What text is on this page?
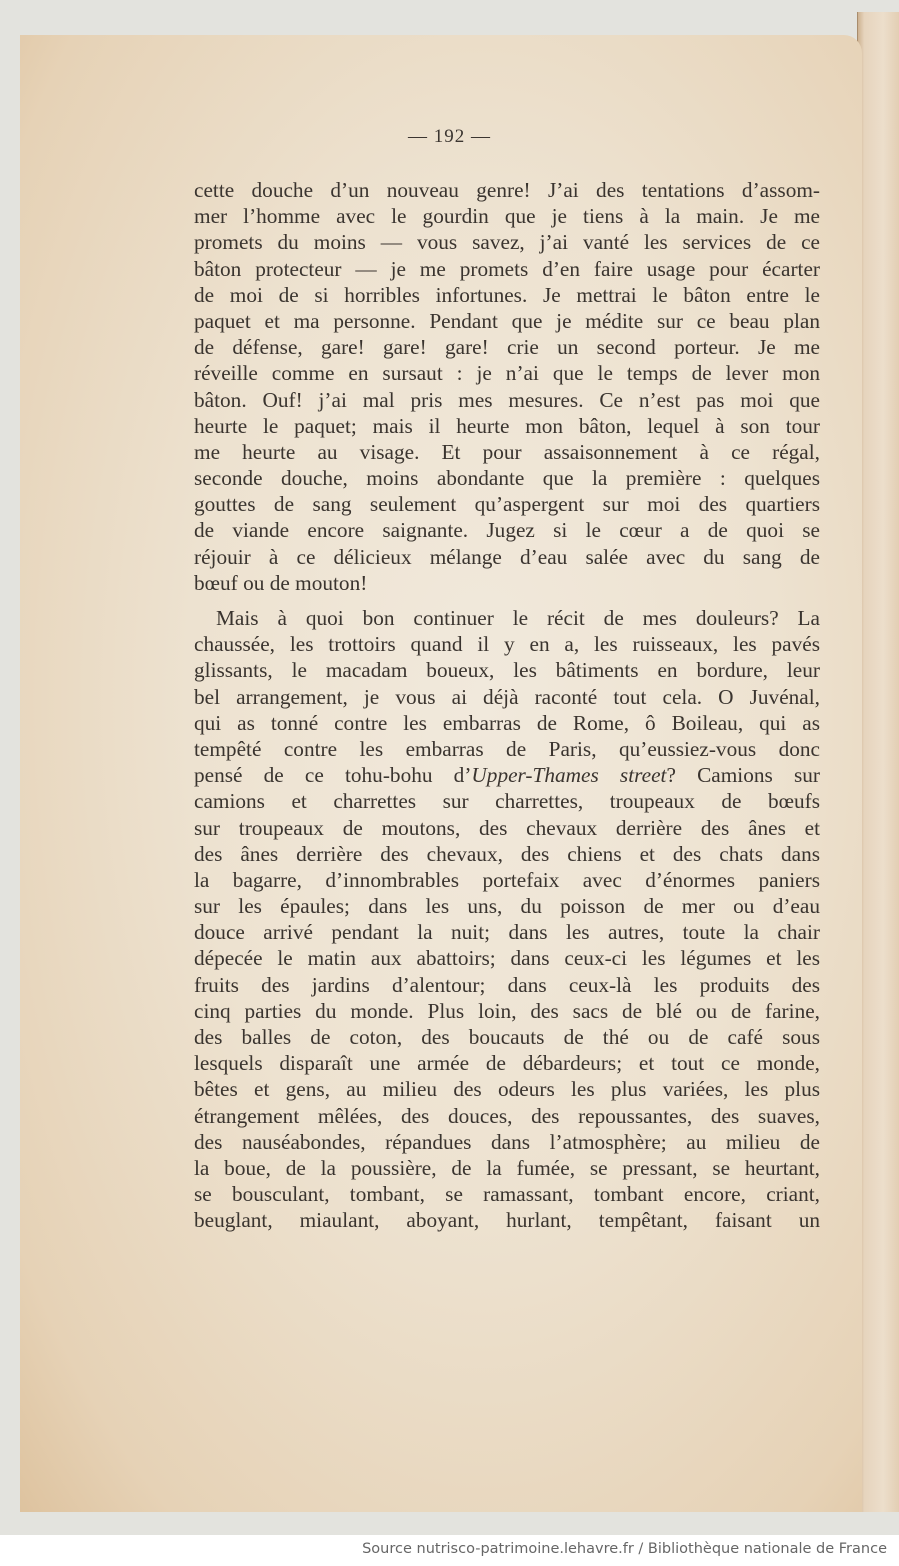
— 192 —
cette douche d’un nouveau genre! J’ai des tentations d’assom-
mer l’homme avec le gourdin que je tiens à la main. Je me
promets du moins — vous savez, j’ai vanté les services de ce
bâton protecteur — je me promets d’en faire usage pour écarter
de moi de si horribles infortunes. Je mettrai le bâton entre le
paquet et ma personne. Pendant que je médite sur ce beau plan
de défense, gare! gare! gare! crie un second porteur. Je me
réveille comme en sursaut : je n’ai que le temps de lever mon
bâton. Ouf! j’ai mal pris mes mesures. Ce n’est pas moi que
heurte le paquet; mais il heurte mon bâton, lequel à son tour
me heurte au visage. Et pour assaisonnement à ce régal,
seconde douche, moins abondante que la première : quelques
gouttes de sang seulement qu’aspergent sur moi des quartiers
de viande encore saignante. Jugez si le cœur a de quoi se
réjouir à ce délicieux mélange d’eau salée avec du sang de
bœuf ou de mouton!
Mais à quoi bon continuer le récit de mes douleurs? La
chaussée, les trottoirs quand il y en a, les ruisseaux, les pavés
glissants, le macadam boueux, les bâtiments en bordure, leur
bel arrangement, je vous ai déjà raconté tout cela. O Juvénal,
qui as tonné contre les embarras de Rome, ô Boileau, qui as
tempêté contre les embarras de Paris, qu’eussiez-vous donc
pensé de ce tohu-bohu d’Upper-Thames street? Camions sur
camions et charrettes sur charrettes, troupeaux de bœufs
sur troupeaux de moutons, des chevaux derrière des ânes et
des ânes derrière des chevaux, des chiens et des chats dans
la bagarre, d’innombrables portefaix avec d’énormes paniers
sur les épaules; dans les uns, du poisson de mer ou d’eau
douce arrivé pendant la nuit; dans les autres, toute la chair
dépecée le matin aux abattoirs; dans ceux-ci les légumes et les
fruits des jardins d’alentour; dans ceux-là les produits des
cinq parties du monde. Plus loin, des sacs de blé ou de farine,
des balles de coton, des boucauts de thé ou de café sous
lesquels disparaît une armée de débardeurs; et tout ce monde,
bêtes et gens, au milieu des odeurs les plus variées, les plus
étrangement mêlées, des douces, des repoussantes, des suaves,
des nauséabondes, répandues dans l’atmosphère; au milieu de
la boue, de la poussière, de la fumée, se pressant, se heurtant,
se bousculant, tombant, se ramassant, tombant encore, criant,
beuglant, miaulant, aboyant, hurlant, tempêtant, faisant un
Source nutrisco-patrimoine.lehavre.fr / Bibliothèque nationale de France
